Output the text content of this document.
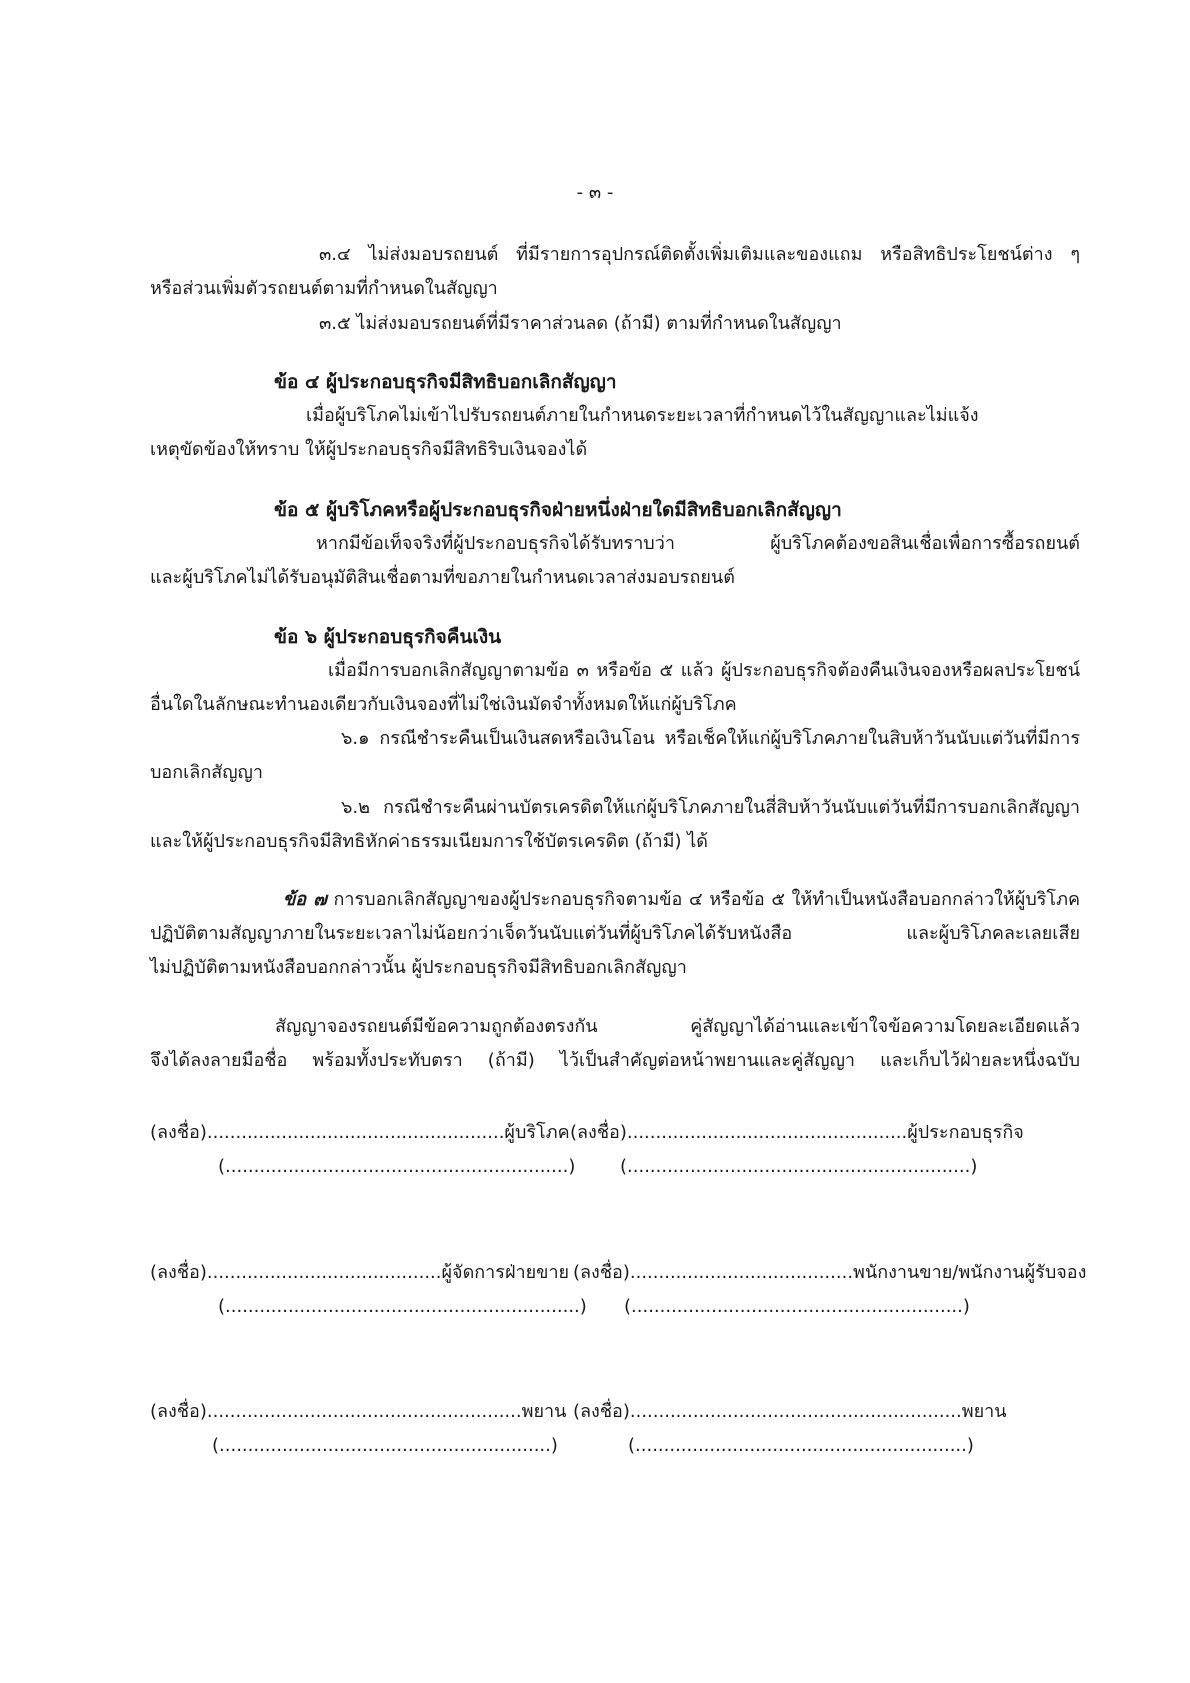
- ๓ -
๓.๔ ไม่ส่งมอบรถยนต์ ที่มีรายการอุปกรณ์ติดตั้งเพิ่มเติมและของแถม หรือสิทธิประโยชน์ต่าง ๆ
หรือส่วนเพิ่มตัวรถยนต์ตามที่กำหนดในสัญญา
๓.๕ ไม่ส่งมอบรถยนต์ที่มีราคาส่วนลด (ถ้ามี) ตามที่กำหนดในสัญญา
ข้อ ๔ ผู้ประกอบธุรกิจมีสิทธิบอกเลิกสัญญา
เมื่อผู้บริโภคไม่เข้าไปรับรถยนต์ภายในกำหนดระยะเวลาที่กำหนดไว้ในสัญญาและไม่แจ้ง
เหตุขัดข้องให้ทราบ ให้ผู้ประกอบธุรกิจมีสิทธิริบเงินจองได้
ข้อ ๕ ผู้บริโภคหรือผู้ประกอบธุรกิจฝ่ายหนึ่งฝ่ายใดมีสิทธิบอกเลิกสัญญา
หากมีข้อเท็จจริงที่ผู้ประกอบธุรกิจได้รับทราบว่า ผู้บริโภคต้องขอสินเชื่อเพื่อการซื้อรถยนต์
และผู้บริโภคไม่ได้รับอนุมัติสินเชื่อตามที่ขอภายในกำหนดเวลาส่งมอบรถยนต์
ข้อ ๖ ผู้ประกอบธุรกิจคืนเงิน
เมื่อมีการบอกเลิกสัญญาตามข้อ ๓ หรือข้อ ๕ แล้ว ผู้ประกอบธุรกิจต้องคืนเงินจองหรือผลประโยชน์
อื่นใดในลักษณะทำนองเดียวกับเงินจองที่ไม่ใช่เงินมัดจำทั้งหมดให้แก่ผู้บริโภค
๖.๑ กรณีชำระคืนเป็นเงินสดหรือเงินโอน หรือเช็คให้แก่ผู้บริโภคภายในสิบห้าวันนับแต่วันที่มีการ
บอกเลิกสัญญา
๖.๒ กรณีชำระคืนผ่านบัตรเครดิตให้แก่ผู้บริโภคภายในสี่สิบห้าวันนับแต่วันที่มีการบอกเลิกสัญญา
และให้ผู้ประกอบธุรกิจมีสิทธิหักค่าธรรมเนียมการใช้บัตรเครดิต (ถ้ามี) ได้
ข้อ ๗ การบอกเลิกสัญญาของผู้ประกอบธุรกิจตามข้อ ๔ หรือข้อ ๕ ให้ทำเป็นหนังสือบอกกล่าวให้ผู้บริโภค
ปฏิบัติตามสัญญาภายในระยะเวลาไม่น้อยกว่าเจ็ดวันนับแต่วันที่ผู้บริโภคได้รับหนังสือ และผู้บริโภคละเลยเสีย
ไม่ปฏิบัติตามหนังสือบอกกล่าวนั้น ผู้ประกอบธุรกิจมีสิทธิบอกเลิกสัญญา
สัญญาจองรถยนต์มีข้อความถูกต้องตรงกัน คู่สัญญาได้อ่านและเข้าใจข้อความโดยละเอียดแล้ว
จึงได้ลงลายมือชื่อ พร้อมทั้งประทับตรา (ถ้ามี) ไว้เป็นสำคัญต่อหน้าพยานและคู่สัญญา และเก็บไว้ฝ่ายละหนึ่งฉบับ
(ลงชื่อ)....................................................ผู้บริโภค
(............................................................)
(ลงชื่อ).................................................ผู้ประกอบธุรกิจ
(............................................................)
(ลงชื่อ).........................................ผู้จัดการฝ่ายขาย
(..............................................................)
(ลงชื่อ).......................................พนักงานขาย/พนักงานผู้รับจอง
(..........................................................)
(ลงชื่อ).......................................................พยาน
(..........................................................)
(ลงชื่อ)..........................................................พยาน
(..........................................................)
